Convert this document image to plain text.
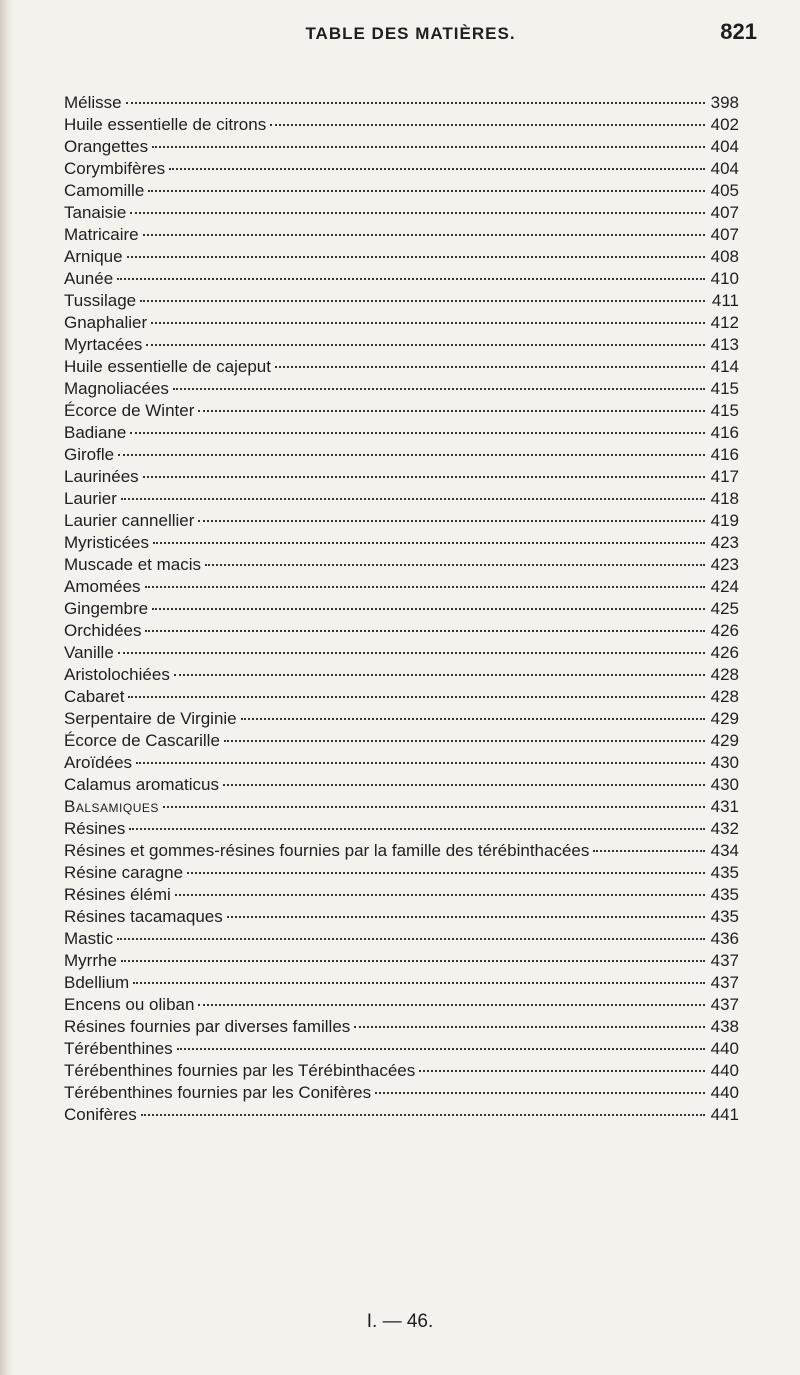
TABLE DES MATIÈRES.	821
Mélisse	398
Huile essentielle de citrons	402
Orangettes	404
Corymbifères	404
Camomille	405
Tanaisie	407
Matricaire	407
Arnique	408
Aunée	410
Tussilage	411
Gnaphalier	412
Myrtacées	413
Huile essentielle de cajeput	414
Magnoliacées	415
Écorce de Winter	415
Badiane	416
Girofle	416
Laurinées	417
Laurier	418
Laurier cannellier	419
Myristicées	423
Muscade et macis	423
Amomées	424
Gingembre	425
Orchidées	426
Vanille	426
Aristolochiées	428
Cabaret	428
Serpentaire de Virginie	429
Écorce de Cascarille	429
Aroïdées	430
Calamus aromaticus	430
Balsamiques	431
Résines	432
Résines et gommes-résines fournies par la famille des térébinthacées	434
Résine caragne	435
Résines élémi	435
Résines tacamaques	435
Mastic	436
Myrrhe	437
Bdellium	437
Encens ou oliban	437
Résines fournies par diverses familles	438
Térébenthines	440
Térébenthines fournies par les Térébinthacées	440
Térébenthines fournies par les Conifères	440
Conifères	441
I. — 46.
